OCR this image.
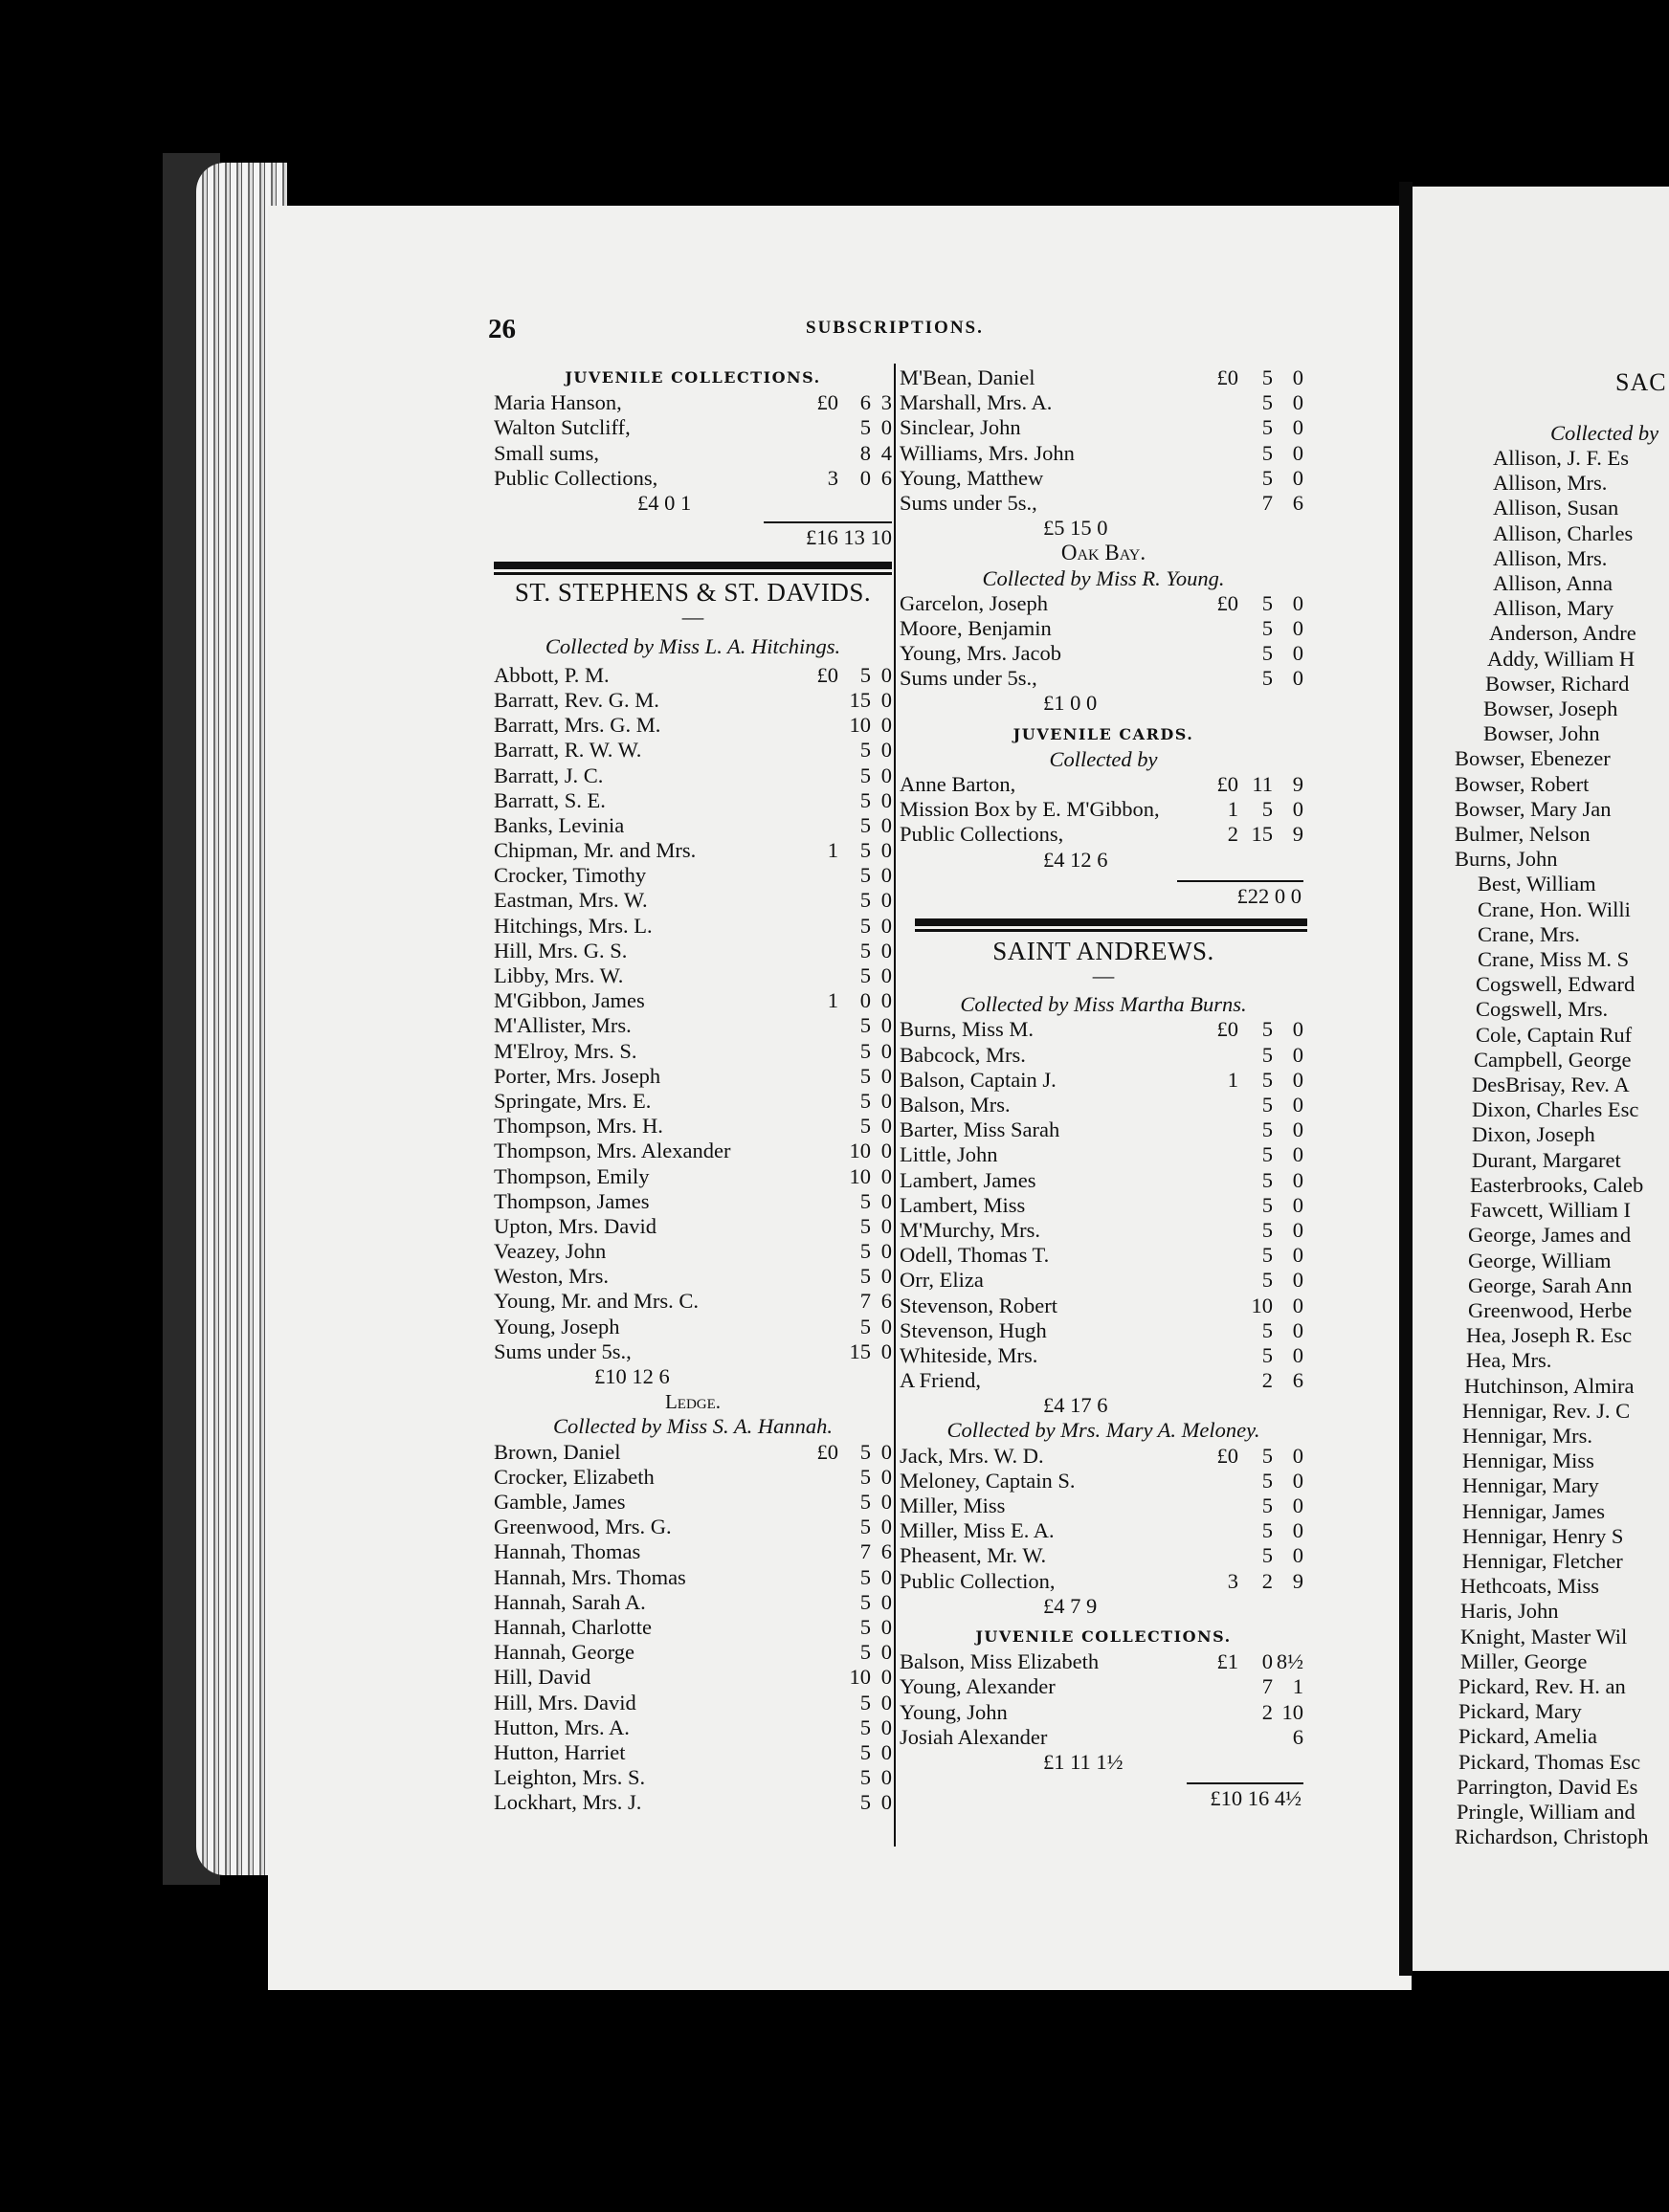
26	SUBSCRIPTIONS.
JUVENILE COLLECTIONS.
Maria Hanson,	£0	6 3
Walton Sutcliff,	5 0
Small sums,	8 4
Public Collections,	3	0 6
£4 0 1
£16 13 10
ST. STEPHENS & ST. DAVIDS.
—
Collected by Miss L. A. Hitchings.
Abbott, P. M.	£0	5 0
Barratt, Rev. G. M.	15 0
Barratt, Mrs. G. M.	10 0
Barratt, R. W. W.	5 0
Barratt, J. C.	5 0
Barratt, S. E.	5 0
Banks, Levinia	5 0
Chipman, Mr. and Mrs.	1	5 0
Crocker, Timothy	5 0
Eastman, Mrs. W.	5 0
Hitchings, Mrs. L.	5 0
Hill, Mrs. G. S.	5 0
Libby, Mrs. W.	5 0
M'Gibbon, James	1	0 0
M'Allister, Mrs.	5 0
M'Elroy, Mrs. S.	5 0
Porter, Mrs. Joseph	5 0
Springate, Mrs. E.	5 0
Thompson, Mrs. H.	5 0
Thompson, Mrs. Alexander	10 0
Thompson, Emily	10 0
Thompson, James	5 0
Upton, Mrs. David	5 0
Veazey, John	5 0
Weston, Mrs.	5 0
Young, Mr. and Mrs. C.	7 6
Young, Joseph	5 0
Sums under 5s.,	15 0
£10 12 6
Ledge.
Collected by Miss S. A. Hannah.
Brown, Daniel	£0	5 0
Crocker, Elizabeth	5 0
Gamble, James	5 0
Greenwood, Mrs. G.	5 0
Hannah, Thomas	7 6
Hannah, Mrs. Thomas	5 0
Hannah, Sarah A.	5 0
Hannah, Charlotte	5 0
Hannah, George	5 0
Hill, David	10 0
Hill, Mrs. David	5 0
Hutton, Mrs. A.	5 0
Hutton, Harriet	5 0
Leighton, Mrs. S.	5 0
Lockhart, Mrs. J.	5 0
M'Bean, Daniel	£0	5 0
Marshall, Mrs. A.	5 0
Sinclear, John	5 0
Williams, Mrs. John	5 0
Young, Matthew	5 0
Sums under 5s.,	7 6
£5 15 0
Oak Bay.
Collected by Miss R. Young.
Garcelon, Joseph	£0	5 0
Moore, Benjamin	5 0
Young, Mrs. Jacob	5 0
Sums under 5s.,	5 0
£1 0 0
JUVENILE CARDS.
Collected by
Anne Barton,	£0 11 9
Mission Box by E. M'Gibbon,	1	5 0
Public Collections,	2 15 9
£4 12 6
£22 0 0
SAINT ANDREWS.
—
Collected by Miss Martha Burns.
Burns, Miss M.	£0	5 0
Babcock, Mrs.	5 0
Balson, Captain J.	1	5 0
Balson, Mrs.	5 0
Barter, Miss Sarah	5 0
Little, John	5 0
Lambert, James	5 0
Lambert, Miss	5 0
M'Murchy, Mrs.	5 0
Odell, Thomas T.	5 0
Orr, Eliza	5 0
Stevenson, Robert	10 0
Stevenson, Hugh	5 0
Whiteside, Mrs.	5 0
A Friend,	2 6
£4 17 6
Collected by Mrs. Mary A. Meloney.
Jack, Mrs. W. D.	£0	5 0
Meloney, Captain S.	5 0
Miller, Miss	5 0
Miller, Miss E. A.	5 0
Pheasent, Mr. W.	5 0
Public Collection,	3	2 9
£4 7 9
JUVENILE COLLECTIONS.
Balson, Miss Elizabeth	£1	0 8½
Young, Alexander	7 1
Young, John	2 10
Josiah Alexander	6
£1 11 1½
£10 16 4½
SAC
Collected by
Allison, J. F. Es
Allison, Mrs.
Allison, Susan
Allison, Charles
Allison, Mrs.
Allison, Anna
Allison, Mary
Anderson, Andre
Addy, William H
Bowser, Richard
Bowser, Joseph
Bowser, John
Bowser, Ebenezer
Bowser, Robert
Bowser, Mary Jan
Bulmer, Nelson
Burns, John
Best, William
Crane, Hon. Willi
Crane, Mrs.
Crane, Miss M. S
Cogswell, Edward
Cogswell, Mrs.
Cole, Captain Ruf
Campbell, George
DesBrisay, Rev. A
Dixon, Charles Esc
Dixon, Joseph
Durant, Margaret
Easterbrooks, Caleb
Fawcett, William I
George, James and
George, William
George, Sarah Ann
Greenwood, Herbe
Hea, Joseph R. Esc
Hea, Mrs.
Hutchinson, Almira
Hennigar, Rev. J. C
Hennigar, Mrs.
Hennigar, Miss
Hennigar, Mary
Hennigar, James
Hennigar, Henry S
Hennigar, Fletcher
Hethcoats, Miss
Haris, John
Knight, Master Wil
Miller, George
Pickard, Rev. H. an
Pickard, Mary
Pickard, Amelia
Pickard, Thomas Esc
Parrington, David Es
Pringle, William and
Richardson, Christoph
